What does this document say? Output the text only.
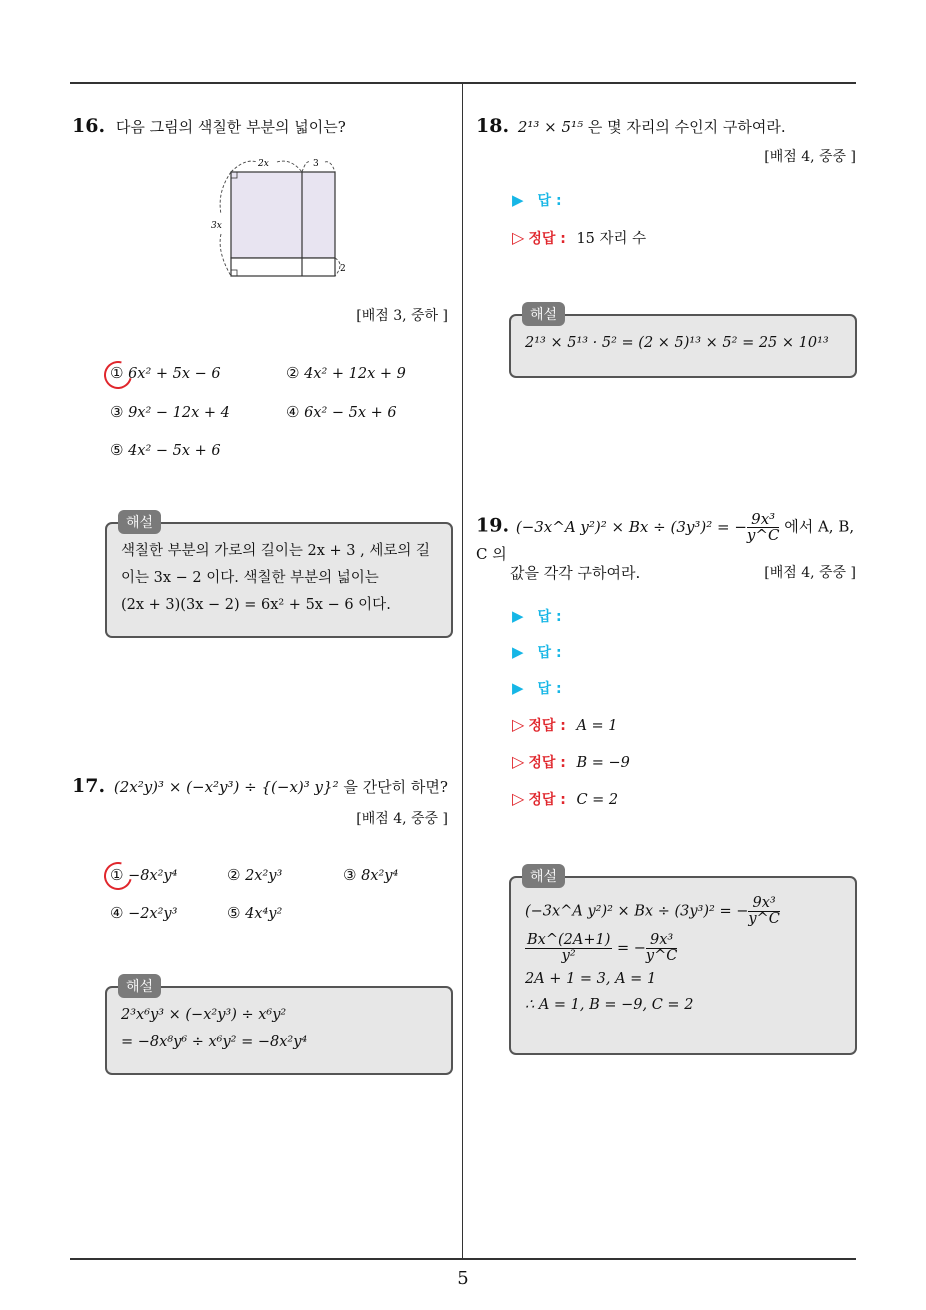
16. 다음 그림의 색칠한 부분의 넓이는?
2x	3
3x
2
[배점 3, 중하 ]
① 6x² + 5x − 6	② 4x² + 12x + 9
③ 9x² − 12x + 4	④ 6x² − 5x + 6
⑤ 4x² − 5x + 6
색칠한 부분의 가로의 길이는 2x + 3 , 세로의 길
이는 3x − 2 이다. 색칠한 부분의 넓이는
(2x + 3)(3x − 2) = 6x² + 5x − 6 이다.
해설
17. (2x²y)³ × (−x²y³) ÷ {(−x)³ y}² 을 간단히 하면?
[배점 4, 중중 ]
① −8x²y⁴	② 2x²y³	③ 8x²y⁴
④ −2x²y³	⑤ 4x⁴y²
2³x⁶y³ × (−x²y³) ÷ x⁶y²
= −8x⁸y⁶ ÷ x⁶y² = −8x²y⁴
해설
18. 2¹³ × 5¹⁵ 은 몇 자리의 수인지 구하여라.
[배점 4, 중중 ]
▶ 답 :
▷ 정답 : 15 자리 수
2¹³ × 5¹³ · 5² = (2 × 5)¹³ × 5² = 25 × 10¹³
해설
19. (−3x^A y²)² × Bx ÷ (3y³)² = − $\frac{\text{9x³}}{y\^{}C}$ 에서 A, B, C 의
값을 각각 구하여라.	[배점 4, 중중 ]
▶ 답 :
▶ 답 :
▶ 답 :
▷ 정답 : A = 1
▷ 정답 : B = −9
▷ 정답 : C = 2
(−3x^A y²)² × Bx ÷ (3y³)² = − $\frac{\text{9x³}}{y\^{}C}$
$\frac{Bx\^{}(2A+1)}{\text{y²}}$ = − $\frac{\text{9x³}}{y\^{}C}$
2A + 1 = 3, A = 1
∴ A = 1, B = −9, C = 2
해설
5
